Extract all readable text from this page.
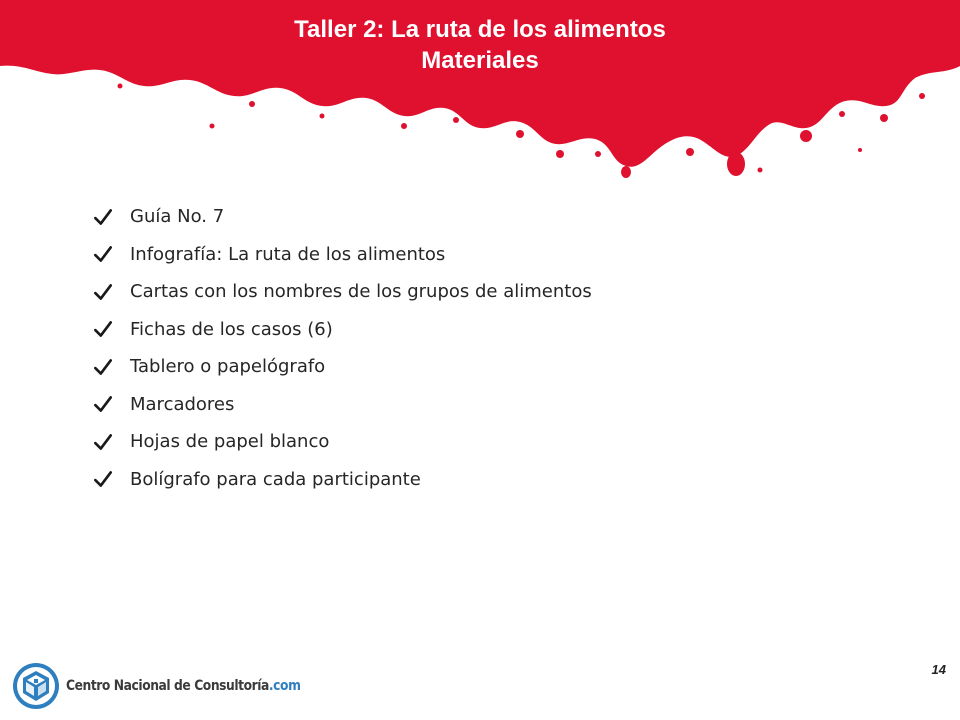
Taller 2: La ruta de los alimentos
Materiales
Guía No. 7
Infografía: La ruta de los alimentos
Cartas con los nombres de los grupos de alimentos
Fichas de los casos (6)
Tablero o papelógrafo
Marcadores
Hojas de papel blanco
Bolígrafo para cada participante
Centro Nacional de Consultoría.com
14
